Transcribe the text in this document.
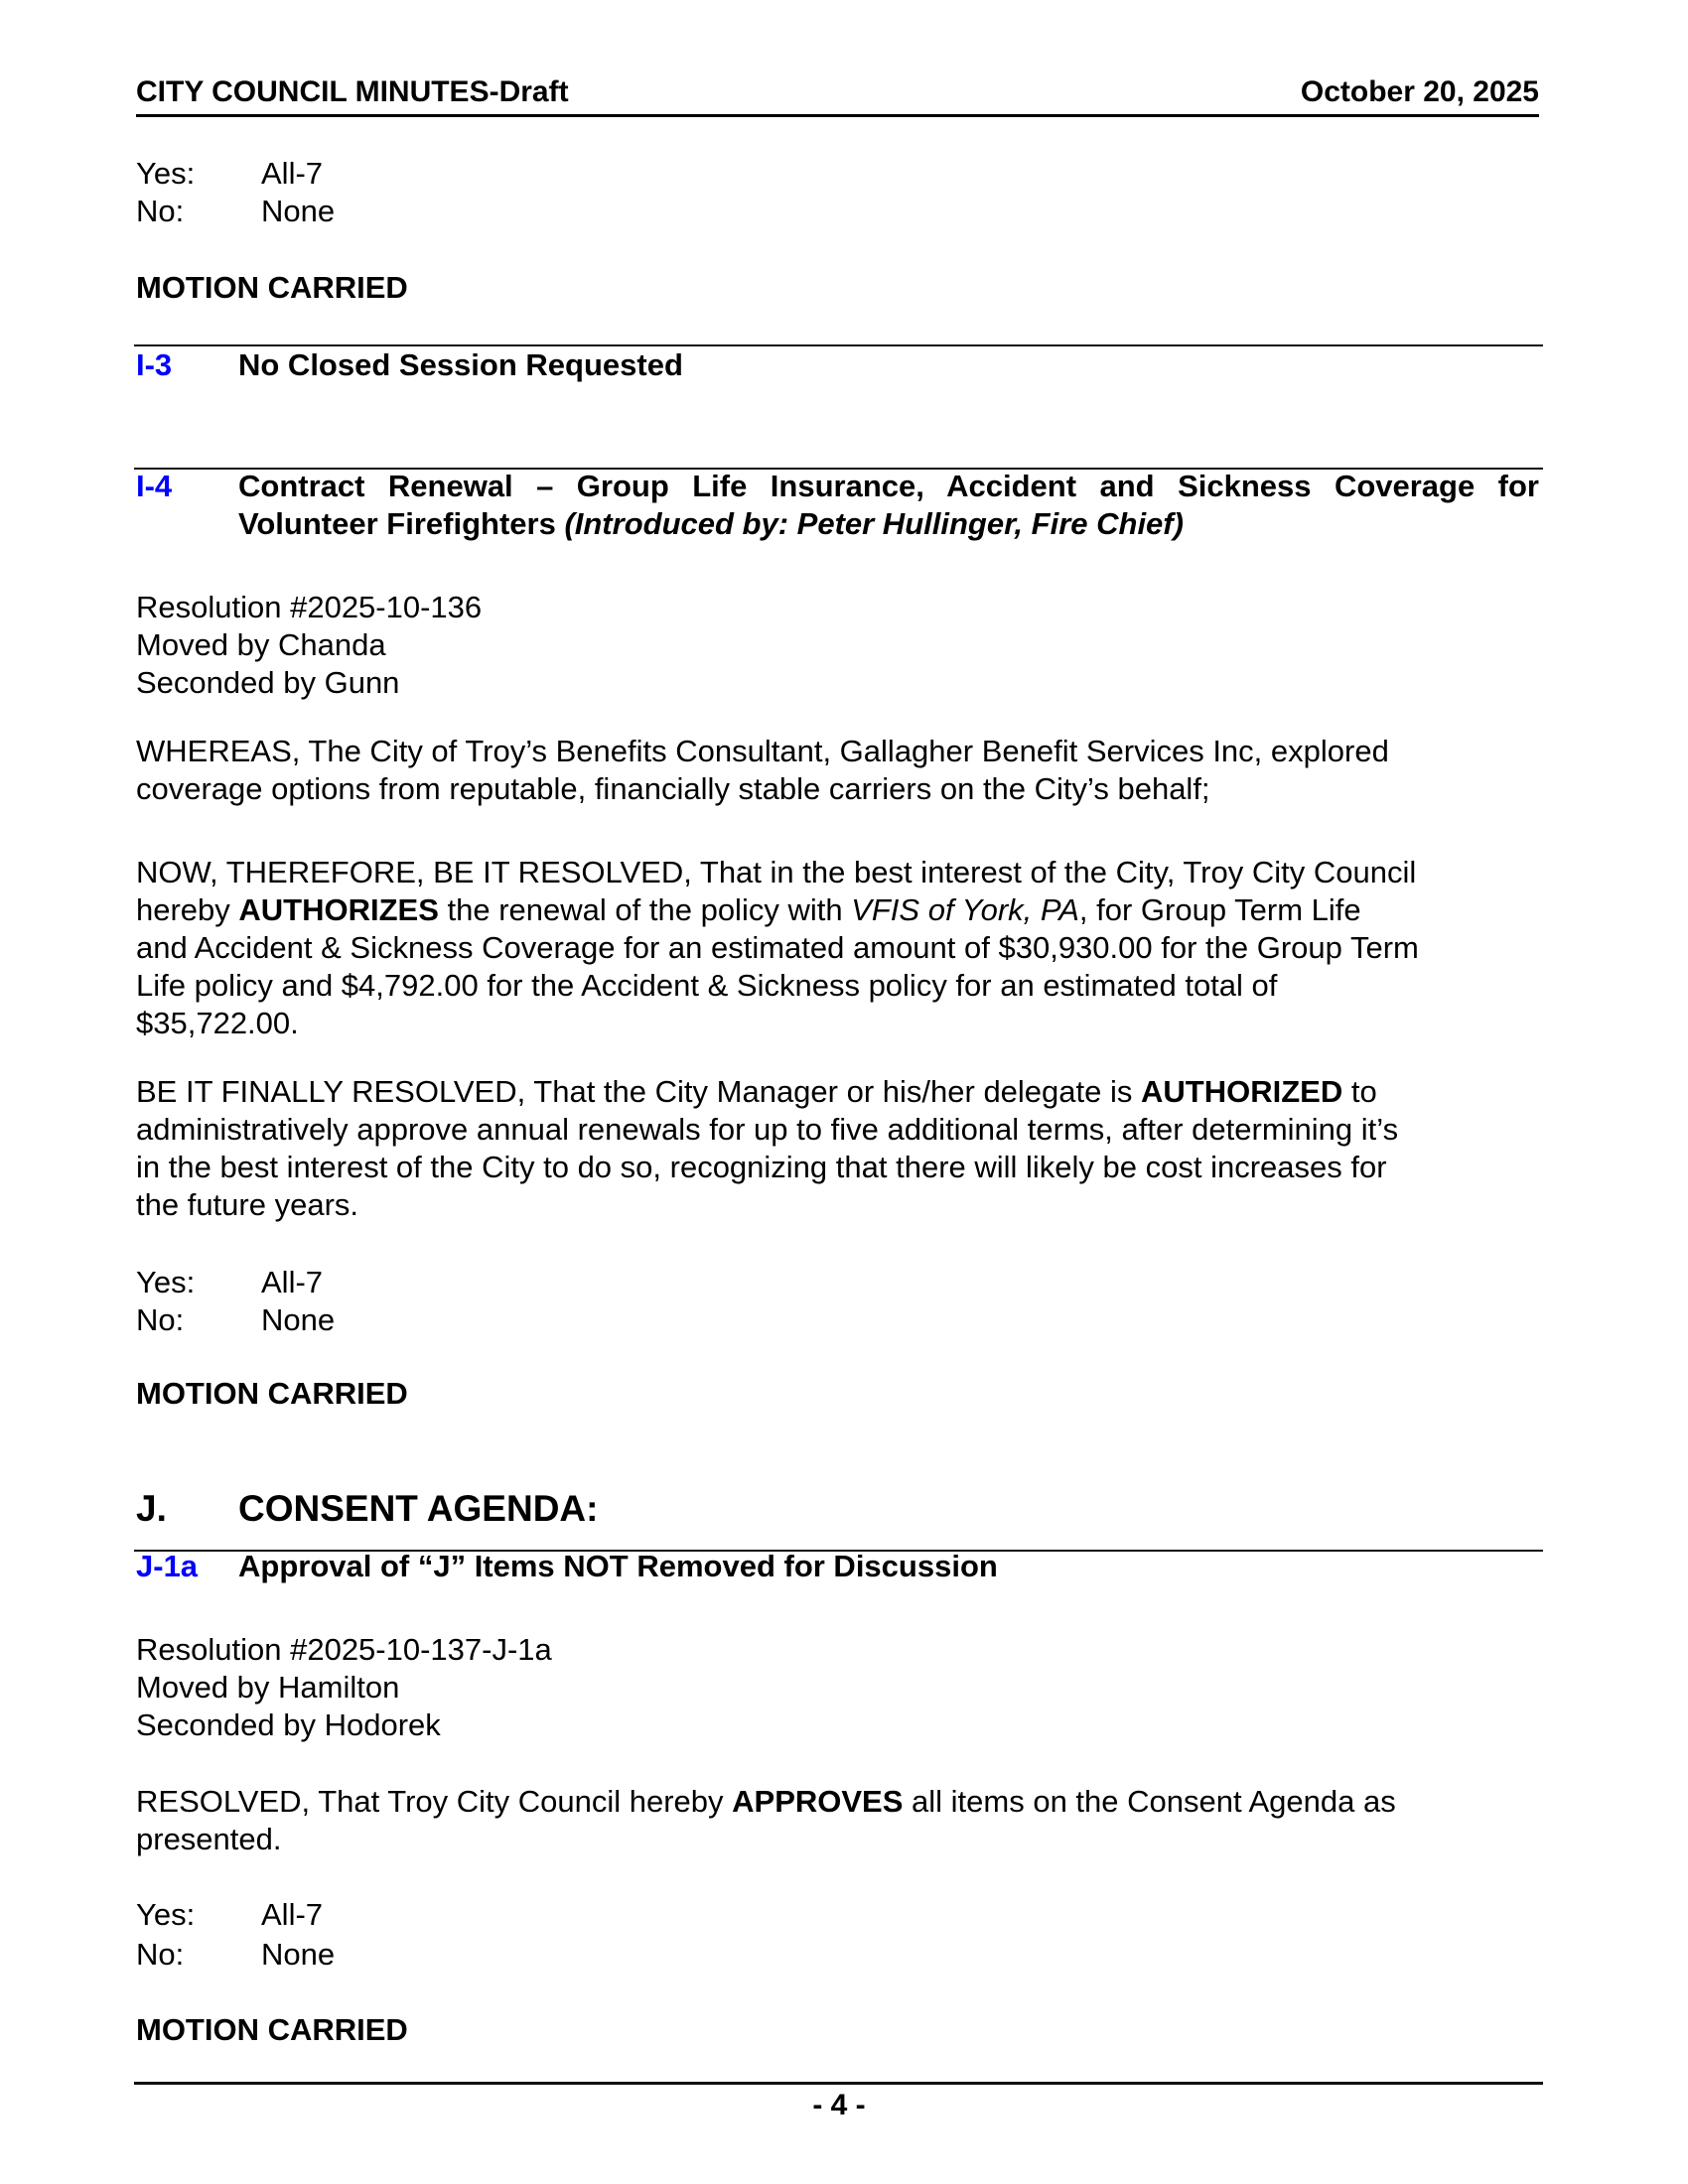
CITY COUNCIL MINUTES-Draft	October 20, 2025
Yes: All-7
No:	None
MOTION CARRIED
I-3 No Closed Session Requested
I-4 Contract Renewal – Group Life Insurance, Accident and Sickness Coverage for
Volunteer Firefighters (Introduced by: Peter Hullinger, Fire Chief)
Resolution #2025-10-136
Moved by Chanda
Seconded by Gunn
WHEREAS, The City of Troy’s Benefits Consultant, Gallagher Benefit Services Inc, explored
coverage options from reputable, financially stable carriers on the City’s behalf;
NOW, THEREFORE, BE IT RESOLVED, That in the best interest of the City, Troy City Council
hereby AUTHORIZES the renewal of the policy with VFIS of York, PA, for Group Term Life
and Accident & Sickness Coverage for an estimated amount of $30,930.00 for the Group Term
Life policy and $4,792.00 for the Accident & Sickness policy for an estimated total of
$35,722.00.
BE IT FINALLY RESOLVED, That the City Manager or his/her delegate is AUTHORIZED to
administratively approve annual renewals for up to five additional terms, after determining it’s
in the best interest of the City to do so, recognizing that there will likely be cost increases for
the future years.
Yes: All-7
No:	None
MOTION CARRIED
J. CONSENT AGENDA:
J-1a Approval of “J” Items NOT Removed for Discussion
Resolution #2025-10-137-J-1a
Moved by Hamilton
Seconded by Hodorek
RESOLVED, That Troy City Council hereby APPROVES all items on the Consent Agenda as
presented.
Yes: All-7
No:	None
MOTION CARRIED
- 4 -
